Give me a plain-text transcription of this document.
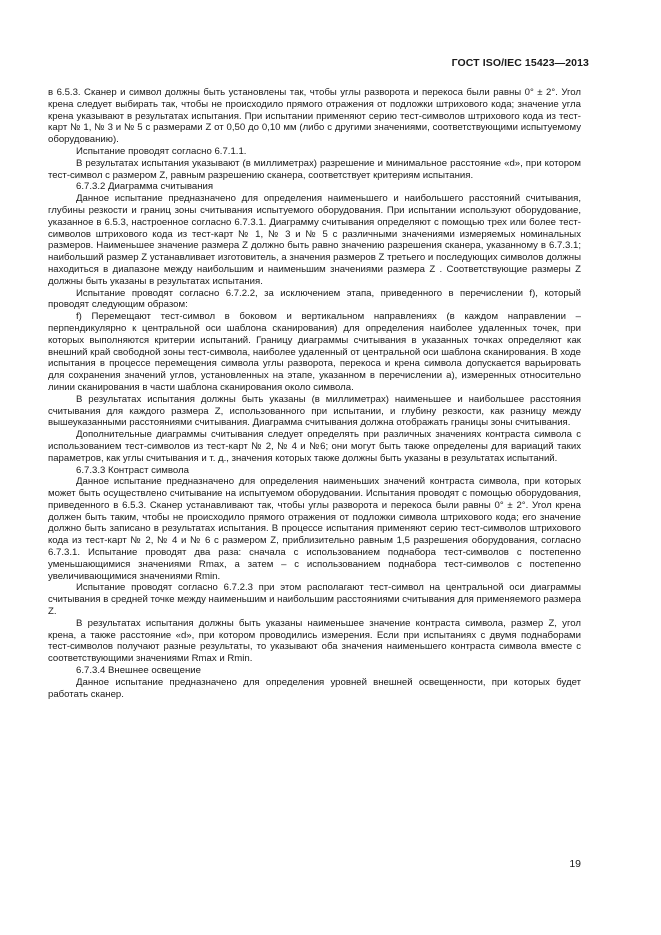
ГОСТ ISO/IEC 15423—2013

в 6.5.3. Сканер и символ должны быть установлены так, чтобы углы разворота и перекоса были равны 0° ± 2°. Угол крена следует выбирать так, чтобы не происходило прямого отражения от подложки штрихового кода; значение угла крена указывают в результатах испытания. При испытании применяют серию тест-символов штрихового кода из тест-карт № 1, № 3 и № 5 с размерами Z от 0,50 до 0,10 мм (либо с другими значениями, соответствующими испытуемому оборудованию).

Испытание проводят согласно 6.7.1.1.

В результатах испытания указывают (в миллиметрах) разрешение и минимальное расстояние «d», при котором тест-символ с размером Z, равным разрешению сканера, соответствует критериям испытания.

6.7.3.2 Диаграмма считывания

Данное испытание предназначено для определения наименьшего и наибольшего расстояний считывания, глубины резкости и границ зоны считывания испытуемого оборудования. При испытании используют оборудование, указанное в 6.5.3, настроенное согласно 6.7.3.1. Диаграмму считывания определяют с помощью трех или более тест-символов штрихового кода из тест-карт № 1, № 3 и № 5 с различными значениями измеряемых номинальных размеров. Наименьшее значение размера Z должно быть равно значению разрешения сканера, указанному в 6.7.3.1; наибольший размер Z устанавливает изготовитель, а значения размеров Z третьего и последующих символов должны находиться в диапазоне между наибольшим и наименьшим значениями размера Z . Соответствующие размеры Z должны быть указаны в результатах испытания.

Испытание проводят согласно 6.7.2.2, за исключением этапа, приведенного в перечислении f), который проводят следующим образом:

f) Перемещают тест-символ в боковом и вертикальном направлениях (в каждом направлении – перпендикулярно к центральной оси шаблона сканирования) для определения наиболее удаленных точек, при которых выполняются критерии испытаний. Границу диаграммы считывания в указанных точках определяют как внешний край свободной зоны тест-символа, наиболее удаленный от центральной оси шаблона сканирования. В ходе испытания в процессе перемещения символа углы разворота, перекоса и крена символа допускается варьировать для сохранения значений углов, установленных на этапе, указанном в перечислении а), измеренных относительно линии сканирования в части шаблона сканирования около символа.

В результатах испытания должны быть указаны (в миллиметрах) наименьшее и наибольшее расстояния считывания для каждого размера Z, использованного при испытании, и глубину резкости, как разницу между вышеуказанными расстояниями считывания. Диаграмма считывания должна отображать границы зоны считывания.

Дополнительные диаграммы считывания следует определять при различных значениях контраста символа с использованием тест-символов из тест-карт № 2, № 4 и №6; они могут быть также определены для вариаций таких параметров, как углы считывания и т. д., значения которых также должны быть указаны в результатах испытаний.

6.7.3.3 Контраст символа

Данное испытание предназначено для определения наименьших значений контраста символа, при которых может быть осуществлено считывание на испытуемом оборудовании. Испытания проводят с помощью оборудования, приведенного в 6.5.3. Сканер устанавливают так, чтобы углы разворота и перекоса были равны 0° ± 2°. Угол крена должен быть таким, чтобы не происходило прямого отражения от подложки символа штрихового кода; его значение должно быть записано в результатах испытания. В процессе испытания применяют серию тест-символов штрихового кода из тест-карт № 2, № 4 и № 6 с размером Z, приблизительно равным 1,5 разрешения оборудования, согласно 6.7.3.1. Испытание проводят два раза: сначала с использованием поднабора тест-символов с постепенно уменьшающимися значениями Rmax, а затем – с использованием поднабора тест-символов с постепенно увеличивающимися значениями Rmin.

Испытание проводят согласно 6.7.2.3 при этом располагают тест-символ на центральной оси диаграммы считывания в средней точке между наименьшим и наибольшим расстояниями считывания для применяемого размера Z.

В результатах испытания должны быть указаны наименьшее значение контраста символа, размер Z, угол крена, а также расстояние «d», при котором проводились измерения. Если при испытаниях с двумя поднаборами тест-символов получают разные результаты, то указывают оба значения наименьшего контраста символа вместе с соответствующими значениями Rmax и Rmin.

6.7.3.4 Внешнее освещение

Данное испытание предназначено для определения уровней внешней освещенности, при которых будет работать сканер.

19
